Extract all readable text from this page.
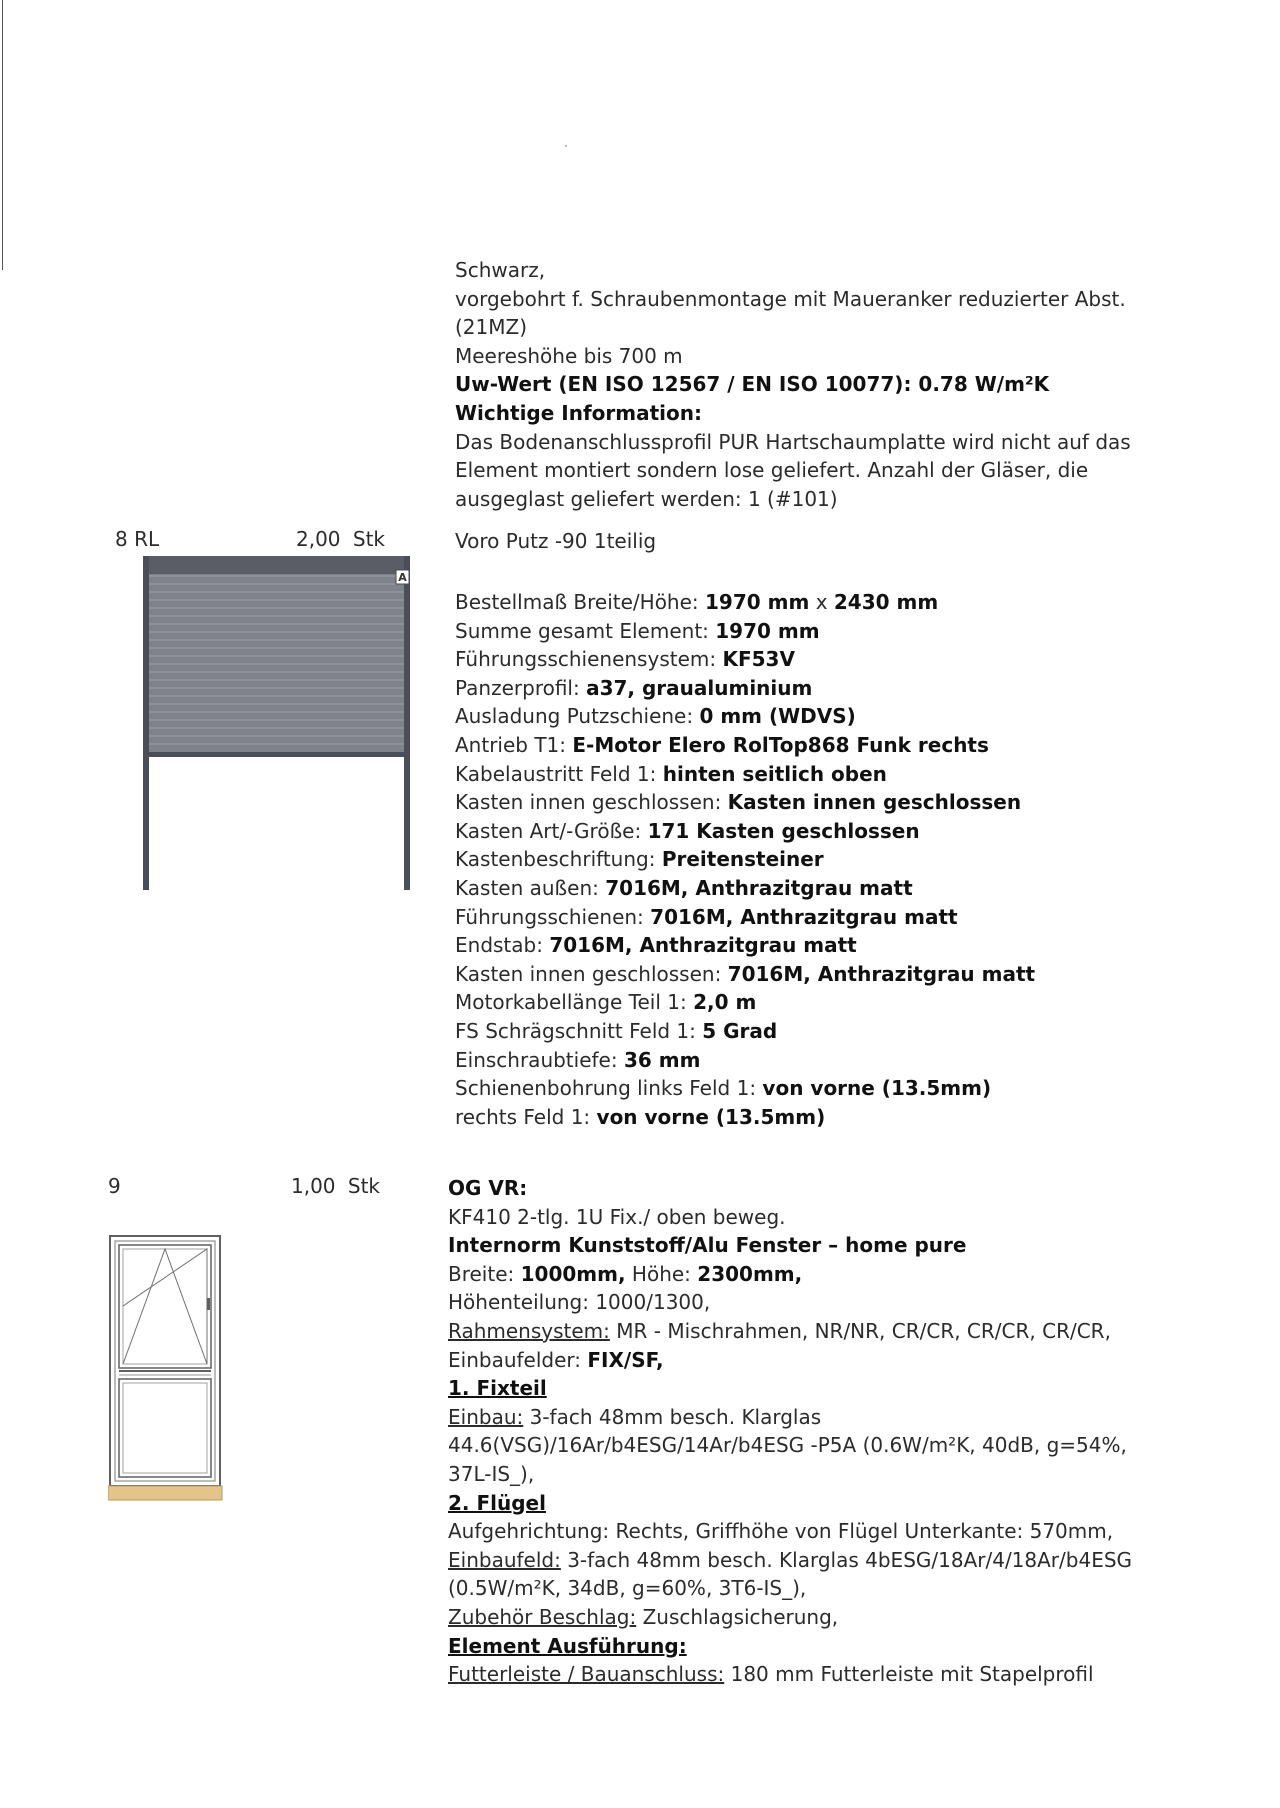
Schwarz,
vorgebohrt f. Schraubenmontage mit Maueranker reduzierter Abst.
(21MZ)
Meereshöhe bis 700 m
Uw-Wert (EN ISO 12567 / EN ISO 10077): 0.78 W/m²K
Wichtige Information:
Das Bodenanschlussprofil PUR Hartschaumplatte wird nicht auf das
Element montiert sondern lose geliefert. Anzahl der Gläser, die
ausgeglast geliefert werden: 1 (#101)
8 RL	2,00 Stk	Voro Putz -90 1teilig
A
Bestellmaß Breite/Höhe: 1970 mm x 2430 mm
Summe gesamt Element: 1970 mm
Führungsschienensystem: KF53V
Panzerprofil: a37, graualuminium
Ausladung Putzschiene: 0 mm (WDVS)
Antrieb T1: E-Motor Elero RolTop868 Funk rechts
Kabelaustritt Feld 1: hinten seitlich oben
Kasten innen geschlossen: Kasten innen geschlossen
Kasten Art/-Größe: 171 Kasten geschlossen
Kastenbeschriftung: Preitensteiner
Kasten außen: 7016M, Anthrazitgrau matt
Führungsschienen: 7016M, Anthrazitgrau matt
Endstab: 7016M, Anthrazitgrau matt
Kasten innen geschlossen: 7016M, Anthrazitgrau matt
Motorkabellänge Teil 1: 2,0 m
FS Schrägschnitt Feld 1: 5 Grad
Einschraubtiefe: 36 mm
Schienenbohrung links Feld 1: von vorne (13.5mm)
rechts Feld 1: von vorne (13.5mm)
9	1,00 Stk	OG VR:
KF410 2-tlg. 1U Fix./ oben beweg.
Internorm Kunststoff/Alu Fenster – home pure
Breite: 1000mm, Höhe: 2300mm,
Höhenteilung: 1000/1300,
Rahmensystem: MR - Mischrahmen, NR/NR, CR/CR, CR/CR, CR/CR,
Einbaufelder: FIX/SF,
1. Fixteil
Einbau: 3-fach 48mm besch. Klarglas
44.6(VSG)/16Ar/b4ESG/14Ar/b4ESG -P5A (0.6W/m²K, 40dB, g=54%,
37L-IS_),
2. Flügel
Aufgehrichtung: Rechts, Griffhöhe von Flügel Unterkante: 570mm,
Einbaufeld: 3-fach 48mm besch. Klarglas 4bESG/18Ar/4/18Ar/b4ESG
(0.5W/m²K, 34dB, g=60%, 3T6-IS_),
Zubehör Beschlag: Zuschlagsicherung,
Element Ausführung:
Futterleiste / Bauanschluss: 180 mm Futterleiste mit Stapelprofil
